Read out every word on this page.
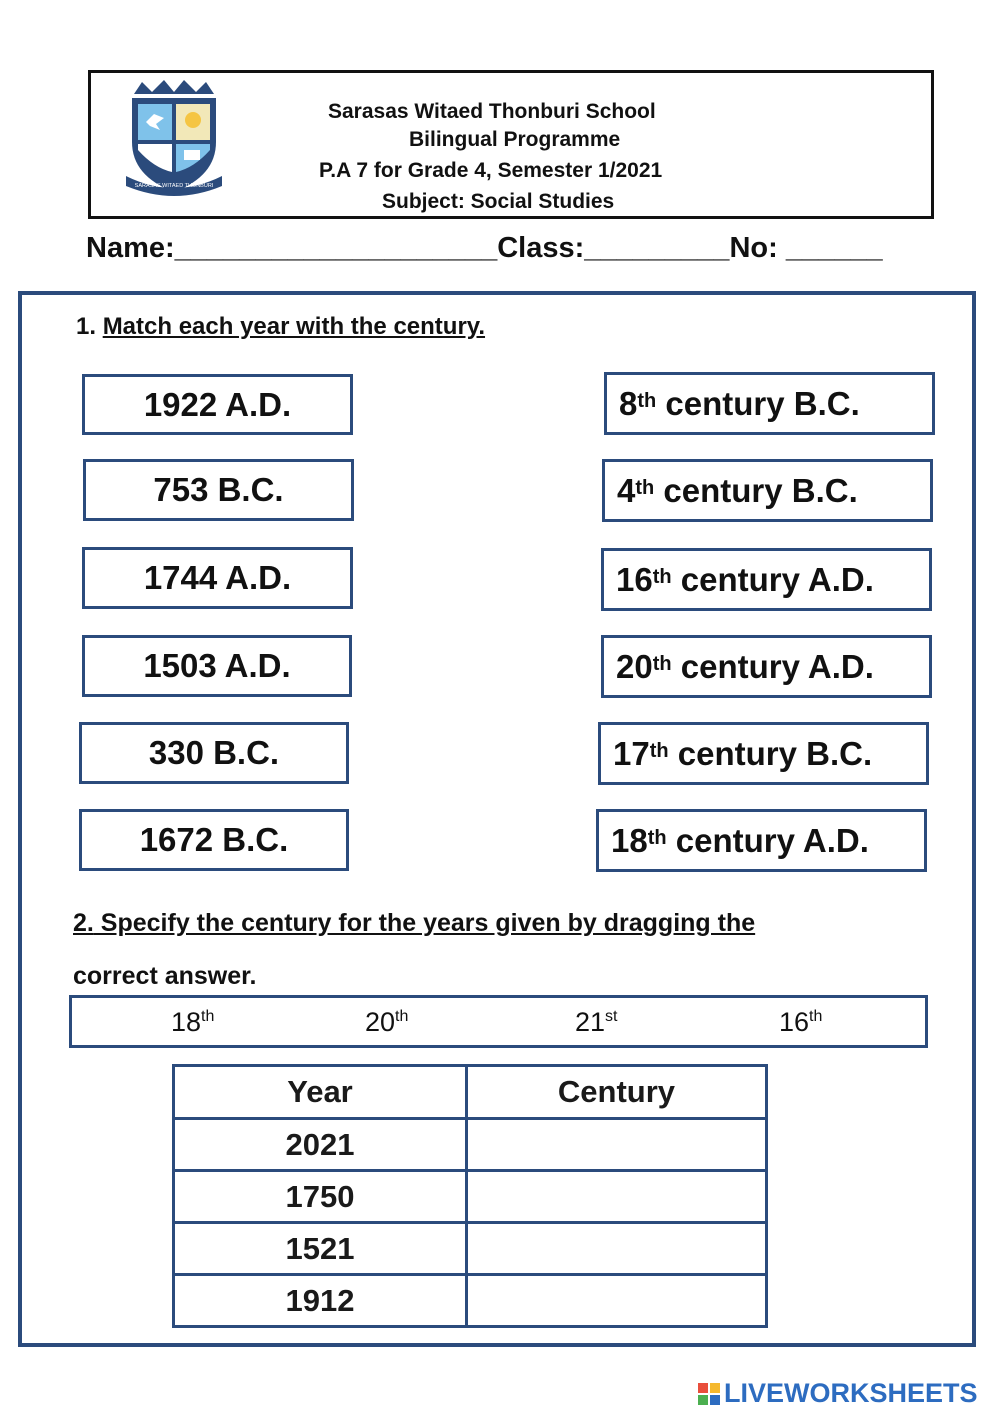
SARASAS WITAED THONBURI
Sarasas Witaed Thonburi School
Bilingual Programme
P.A 7 for Grade 4, Semester 1/2021
Subject: Social Studies
Name:____________________Class:_________No: ______
1. Match each year with the century.
1922 A.D.
753 B.C.
1744 A.D.
1503 A.D.
330 B.C.
1672 B.C.
8th century B.C.
4th century B.C.
16th century A.D.
20th century A.D.
17th century B.C.
18th century A.D.
2. Specify the century for the years given by dragging the
correct answer.
18th	20th	21st	16th
Year	Century
2021	
1750	
1521	
1912	
LIVEWORKSHEETS
